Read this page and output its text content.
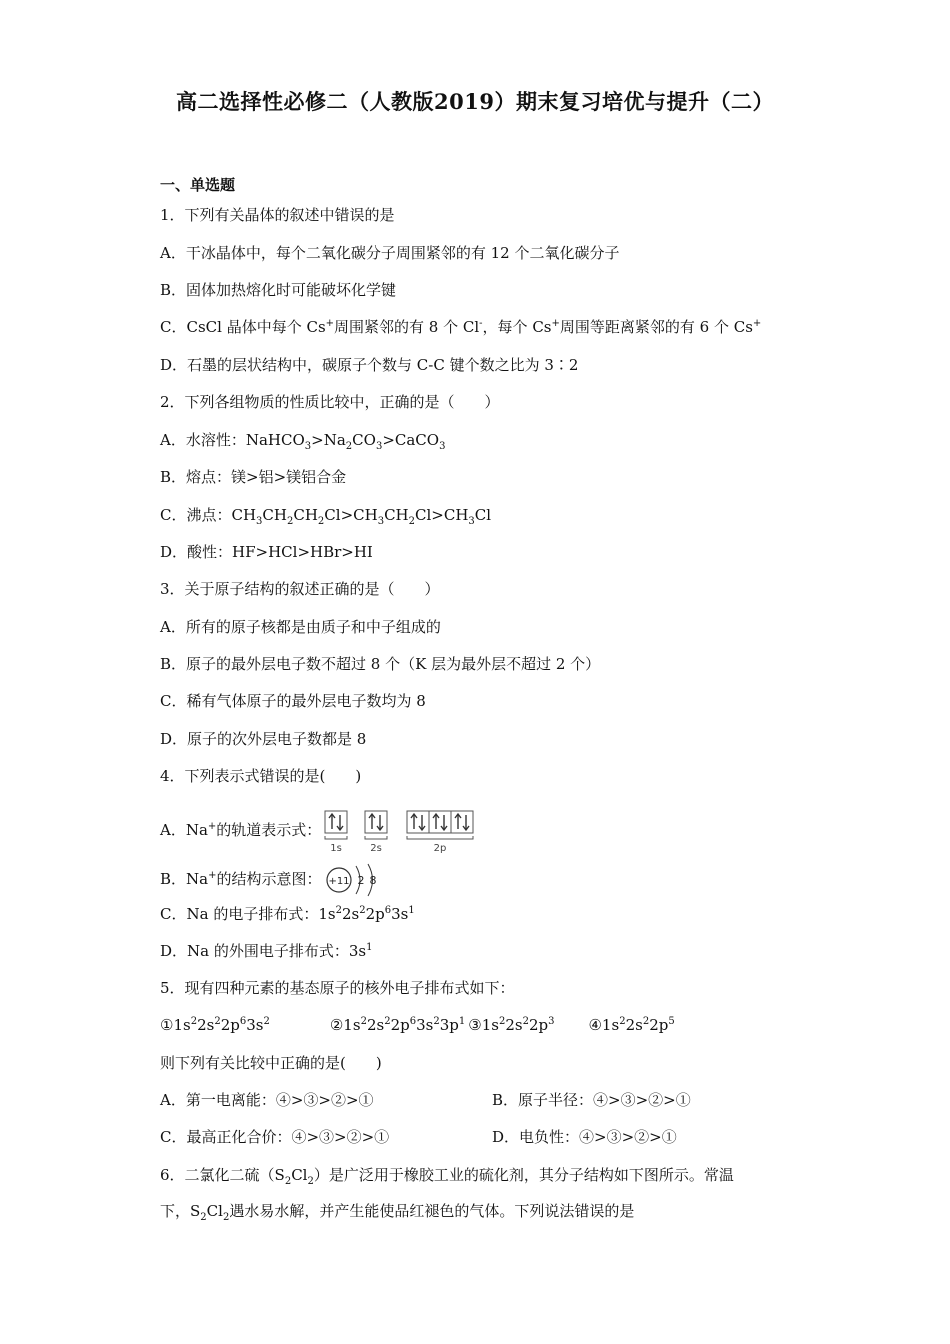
高二选择性必修二（人教版2019）期末复习培优与提升（二）
一、单选题
1．下列有关晶体的叙述中错误的是
A．干冰晶体中，每个二氧化碳分子周围紧邻的有 12 个二氧化碳分子
B．固体加热熔化时可能破坏化学键
C．CsCl 晶体中每个 Cs+周围紧邻的有 8 个 Cl-，每个 Cs+周围等距离紧邻的有 6 个 Cs+
D．石墨的层状结构中，碳原子个数与 C-C 键个数之比为 3∶2
2．下列各组物质的性质比较中，正确的是（　　）
A．水溶性：$NaHCO_3>Na_2CO_3>CaCO_3$
B．熔点：镁>铝>镁铝合金
C．沸点：$CH_3CH_2CH_2Cl>CH_3CH_2Cl>CH_3Cl$
D．酸性：HF>HCl>HBr>HI
3．关于原子结构的叙述正确的是（　　）
A．所有的原子核都是由质子和中子组成的
B．原子的最外层电子数不超过 8 个（K 层为最外层不超过 2 个）
C．稀有气体原子的最外层电子数均为 8
D．原子的次外层电子数都是 8
4．下列表示式错误的是(　　)
A．Na+的轨道表示式：
1s	2s	2p
B．Na+的结构示意图： +11 2 8
C．Na 的电子排布式：$1s^22s^22p^63s^1$
D．Na 的外围电子排布式：$3s^1$
5．现有四种元素的基态原子的核外电子排布式如下：
$①1s^22s^22p^63s^2$	$②1s^22s^22p^63s^23p^1$ $③1s^22s^22p^3$ $④1s^22s^22p^5$
则下列有关比较中正确的是(　　)
A．第一电离能：④>③>②>①	B．原子半径：④>③>②>①
C．最高正化合价：④>③>②>①	D．电负性：④>③>②>①
6．二氯化二硫$(S_2Cl_2)$是广泛用于橡胶工业的硫化剂，其分子结构如下图所示。常温
下，$S_2Cl_2$遇水易水解，并产生能使品红褪色的气体。下列说法错误的是
